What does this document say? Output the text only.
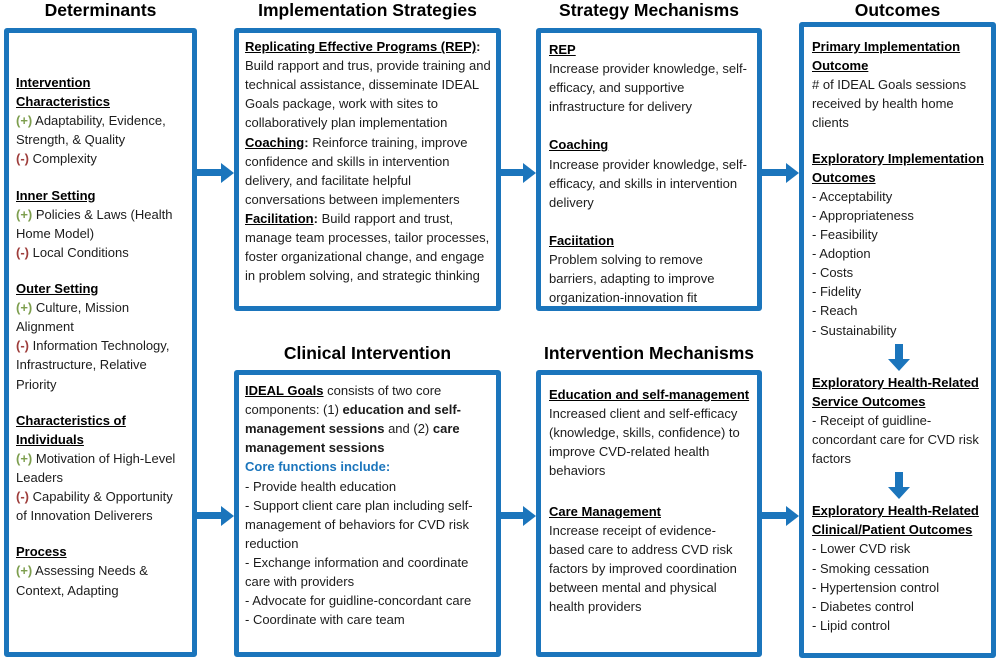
Determinants	Implementation Strategies	Strategy Mechanisms	Outcomes
Clinical Intervention	Intervention Mechanisms
Intervention Characteristics
(+) Adaptability, Evidence, Strength, & Quality
(-) Complexity
Inner Setting
(+) Policies & Laws (Health Home Model)
(-) Local Conditions
Outer Setting
(+) Culture, Mission Alignment
(-) Information Technology, Infrastructure, Relative Priority
Characteristics of Individuals
(+) Motivation of High-Level Leaders
(-) Capability & Opportunity of Innovation Deliverers
Process
(+) Assessing Needs & Context, Adapting
Replicating Effective Programs (REP): Build rapport and trus, provide training and technical assistance, disseminate IDEAL Goals package, work with sites to collaboratively plan implementation
Coaching: Reinforce training, improve confidence and skills in intervention delivery, and facilitate helpful conversations between implementers
Facilitation: Build rapport and trust, manage team processes, tailor processes, foster organizational change, and engage in problem solving, and strategic thinking
REP
Increase provider knowledge, self-efficacy, and supportive infrastructure for delivery
Coaching
Increase provider knowledge, self-efficacy, and skills in intervention delivery
Faciitation
Problem solving to remove barriers, adapting to improve organization-innovation fit
IDEAL Goals consists of two core components: (1) education and self-management sessions and (2) care management sessions
Core functions include:
- Provide health education
- Support client care plan including self-management of behaviors for CVD risk reduction
- Exchange information and coordinate care with providers
- Advocate for guidline-concordant care
- Coordinate with care team
Education and self-management
Increased client and self-efficacy (knowledge, skills, confidence) to improve CVD-related health behaviors
Care Management
Increase receipt of evidence-based care to address CVD risk factors by improved coordination between mental and physical health providers
Primary Implementation Outcome
# of IDEAL Goals sessions received by health home clients
Exploratory Implementation Outcomes
- Acceptability
- Appropriateness
- Feasibility
- Adoption
- Costs
- Fidelity
- Reach
- Sustainability
Exploratory Health-Related Service Outcomes
- Receipt of guidline-concordant care for CVD risk factors
Exploratory Health-Related Clinical/Patient Outcomes
- Lower CVD risk
- Smoking cessation
- Hypertension control
- Diabetes control
- Lipid control
